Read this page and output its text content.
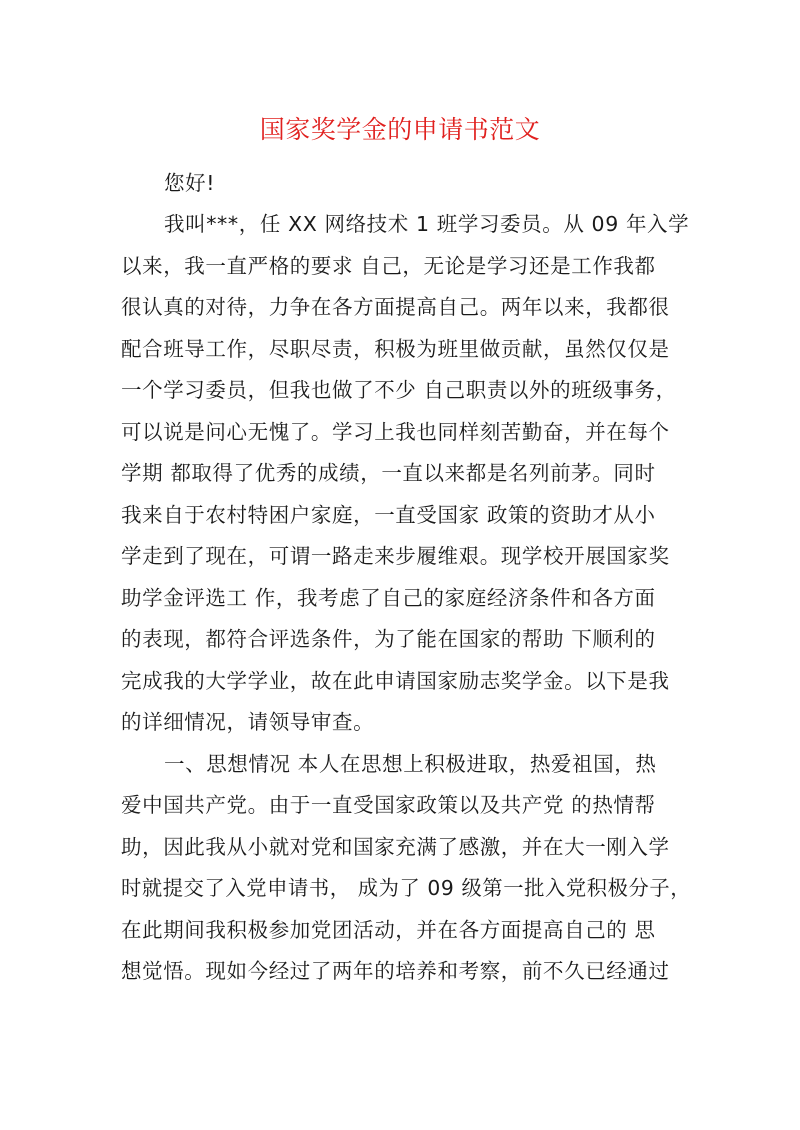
国家奖学金的申请书范文
您好!
我叫***，任 XX 网络技术 1 班学习委员。从 09 年入学
以来，我一直严格的要求 自己，无论是学习还是工作我都
很认真的对待，力争在各方面提高自己。两年以来，我都很
配合班导工作，尽职尽责，积极为班里做贡献，虽然仅仅是
一个学习委员，但我也做了不少 自己职责以外的班级事务，
可以说是问心无愧了。学习上我也同样刻苦勤奋，并在每个
学期 都取得了优秀的成绩，一直以来都是名列前茅。同时
我来自于农村特困户家庭，一直受国家 政策的资助才从小
学走到了现在，可谓一路走来步履维艰。现学校开展国家奖
助学金评选工 作，我考虑了自己的家庭经济条件和各方面
的表现，都符合评选条件，为了能在国家的帮助 下顺利的
完成我的大学学业，故在此申请国家励志奖学金。以下是我
的详细情况，请领导审查。
一、思想情况 本人在思想上积极进取，热爱祖国，热
爱中国共产党。由于一直受国家政策以及共产党 的热情帮
助，因此我从小就对党和国家充满了感激，并在大一刚入学
时就提交了入党申请书， 成为了 09 级第一批入党积极分子，
在此期间我积极参加党团活动，并在各方面提高自己的 思
想觉悟。现如今经过了两年的培养和考察，前不久已经通过
